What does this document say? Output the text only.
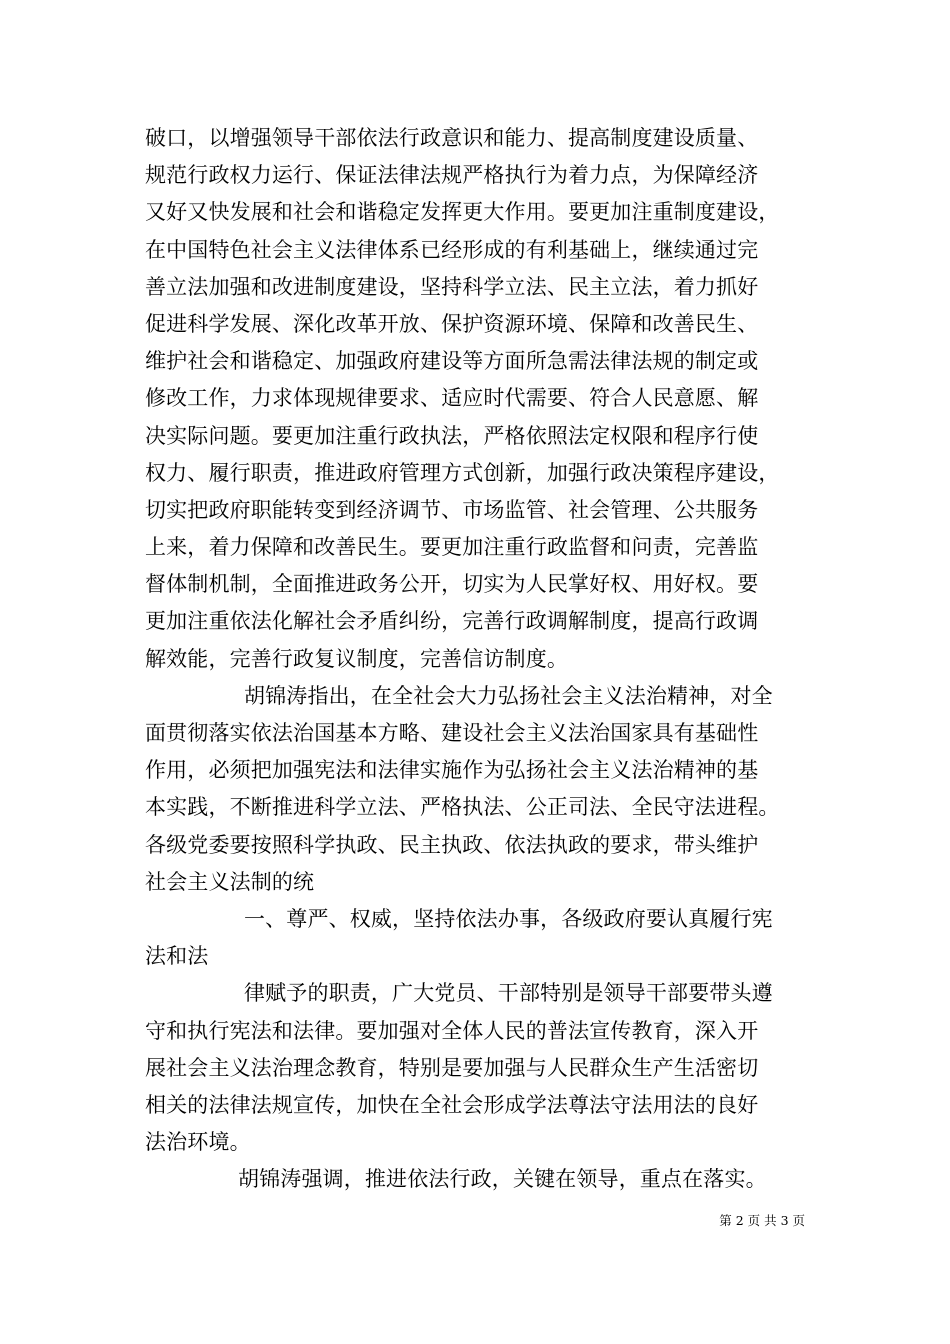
破口，以增强领导干部依法行政意识和能力、提高制度建设质量、
规范行政权力运行、保证法律法规严格执行为着力点，为保障经济
又好又快发展和社会和谐稳定发挥更大作用。要更加注重制度建设，
在中国特色社会主义法律体系已经形成的有利基础上，继续通过完
善立法加强和改进制度建设，坚持科学立法、民主立法，着力抓好
促进科学发展、深化改革开放、保护资源环境、保障和改善民生、
维护社会和谐稳定、加强政府建设等方面所急需法律法规的制定或
修改工作，力求体现规律要求、适应时代需要、符合人民意愿、解
决实际问题。要更加注重行政执法，严格依照法定权限和程序行使
权力、履行职责，推进政府管理方式创新，加强行政决策程序建设，
切实把政府职能转变到经济调节、市场监管、社会管理、公共服务
上来，着力保障和改善民生。要更加注重行政监督和问责，完善监
督体制机制，全面推进政务公开，切实为人民掌好权、用好权。要
更加注重依法化解社会矛盾纠纷，完善行政调解制度，提高行政调
解效能，完善行政复议制度，完善信访制度。
胡锦涛指出，在全社会大力弘扬社会主义法治精神，对全
面贯彻落实依法治国基本方略、建设社会主义法治国家具有基础性
作用，必须把加强宪法和法律实施作为弘扬社会主义法治精神的基
本实践，不断推进科学立法、严格执法、公正司法、全民守法进程。
各级党委要按照科学执政、民主执政、依法执政的要求，带头维护
社会主义法制的统
一、尊严、权威，坚持依法办事，各级政府要认真履行宪
法和法
律赋予的职责，广大党员、干部特别是领导干部要带头遵
守和执行宪法和法律。要加强对全体人民的普法宣传教育，深入开
展社会主义法治理念教育，特别是要加强与人民群众生产生活密切
相关的法律法规宣传，加快在全社会形成学法尊法守法用法的良好
法治环境。
胡锦涛强调，推进依法行政，关键在领导，重点在落实。
第 2 页 共 3 页
